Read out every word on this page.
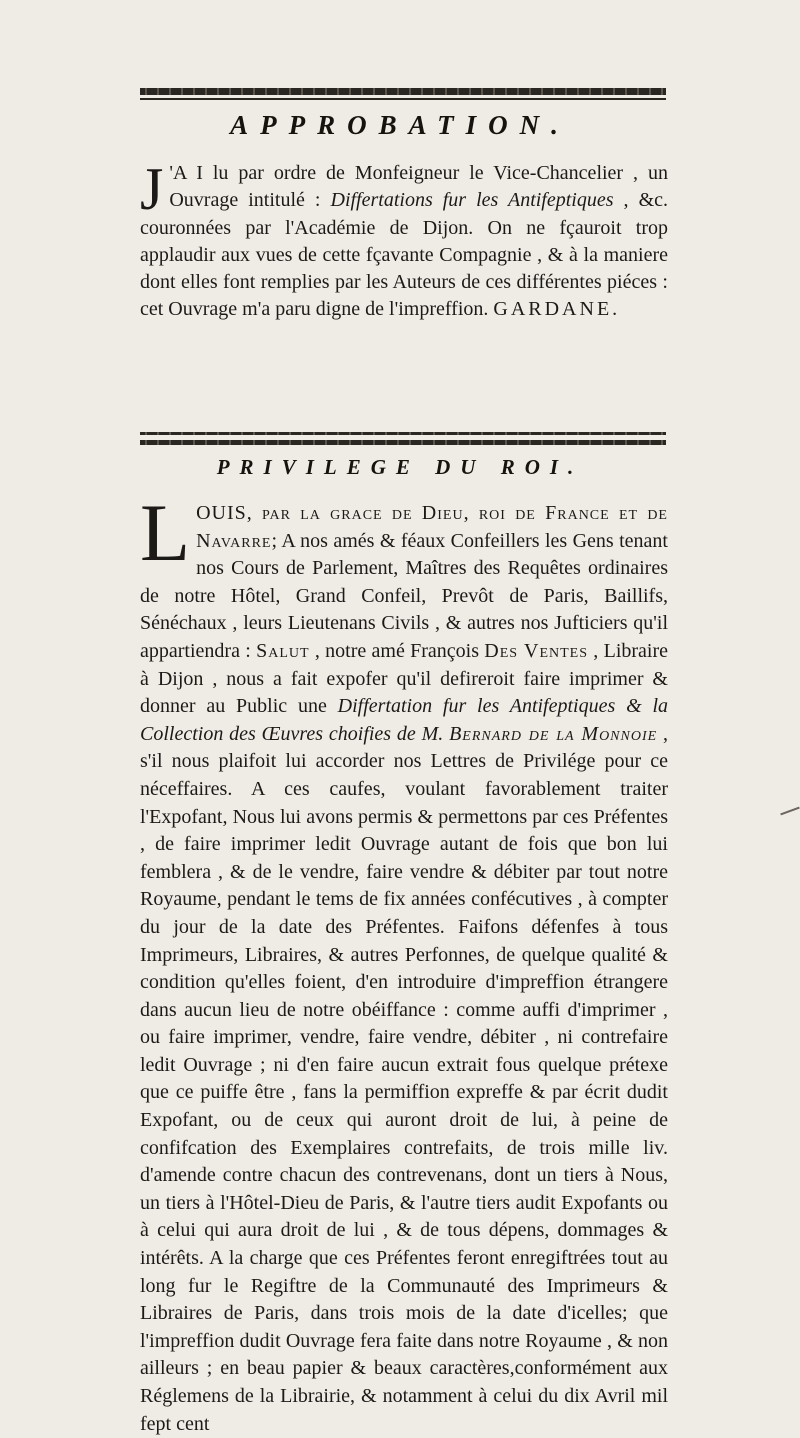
APPROBATION.
J 'A I lu par ordre de Monfeigneur le Vice-Chancelier , un Ouvrage intitulé : Differtations fur les Antifeptiques , &c. couronnées par l'Académie de Dijon. On ne fçauroit trop applaudir aux vues de cette fçavante Compagnie , & à la maniere dont elles font remplies par les Auteurs de ces différentes piéces : cet Ouvrage m'a paru digne de l'impreffion. GARDANE.
PRIVILEGE DU ROI.
LOUIS, par la grace de Dieu, roi de France et de Navarre; A nos amés & féaux Confeillers les Gens tenant nos Cours de Parlement, Maîtres des Requêtes ordinaires de notre Hôtel, Grand Confeil, Prevôt de Paris, Baillifs, Sénéchaux , leurs Lieutenans Civils , & autres nos Jufticiers qu'il appartiendra : Salut , notre amé François Des Ventes , Libraire à Dijon , nous a fait expofer qu'il defireroit faire imprimer & donner au Public une Differtation fur les Antifeptiques & la Collection des Œuvres choifies de M. Bernard de la Monnoie , s'il nous plaifoit lui accorder nos Lettres de Privilége pour ce néceffaires. A ces caufes, voulant favorablement traiter l'Expofant, Nous lui avons permis & permettons par ces Préfentes , de faire imprimer ledit Ouvrage autant de fois que bon lui femblera , & de le vendre, faire vendre & débiter par tout notre Royaume, pendant le tems de fix années confécutives , à compter du jour de la date des Préfentes. Faifons défenfes à tous Imprimeurs, Libraires, & autres Perfonnes, de quelque qualité & condition qu'elles foient, d'en introduire d'impreffion étrangere dans aucun lieu de notre obéiffance : comme auffi d'imprimer , ou faire imprimer, vendre, faire vendre, débiter , ni contrefaire ledit Ouvrage ; ni d'en faire aucun extrait fous quelque prétexe que ce puiffe être , fans la permiffion expreffe & par écrit dudit Expofant, ou de ceux qui auront droit de lui, à peine de confifcation des Exemplaires contrefaits, de trois mille liv. d'amende contre chacun des contrevenans, dont un tiers à Nous, un tiers à l'Hôtel-Dieu de Paris, & l'autre tiers audit Expofants ou à celui qui aura droit de lui , & de tous dépens, dommages & intérêts. A la charge que ces Préfentes feront enregiftrées tout au long fur le Regiftre de la Communauté des Imprimeurs & Libraires de Paris, dans trois mois de la date d'icelles; que l'impreffion dudit Ouvrage fera faite dans notre Royaume , & non ailleurs ; en beau papier & beaux caractères,conformément aux Réglemens de la Librairie, & notamment à celui du dix Avril mil fept cent
